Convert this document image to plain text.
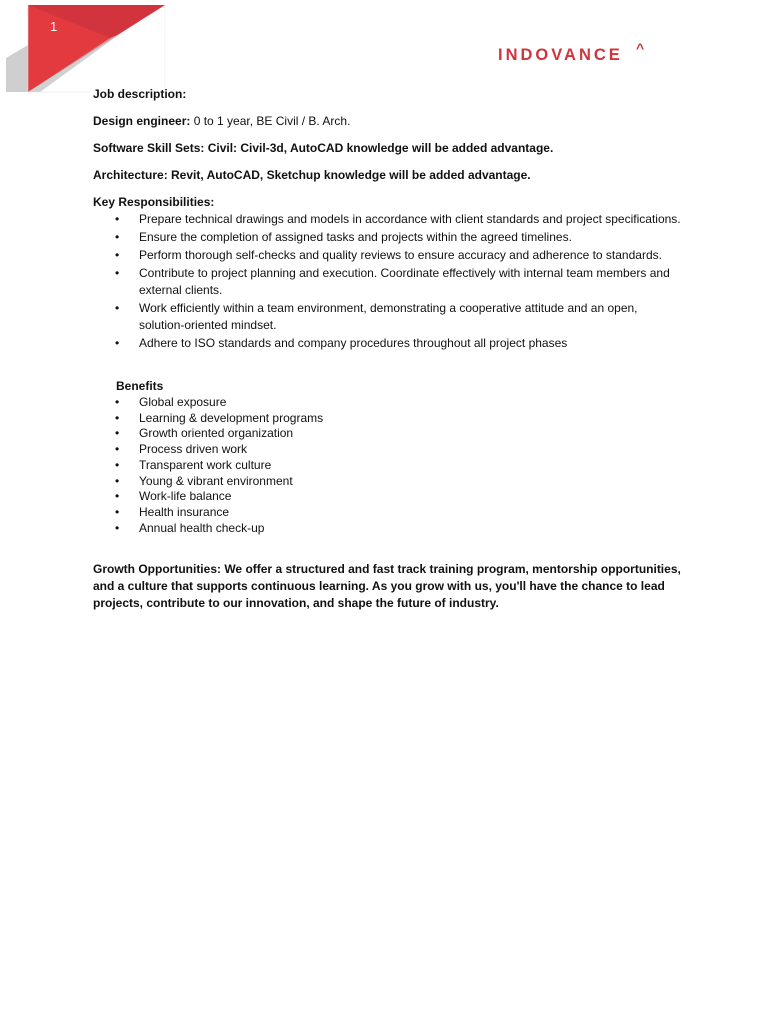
1
INDOVANCE ^

Job description:

Design engineer: 0 to 1 year, BE Civil / B. Arch.

Software Skill Sets: Civil: Civil-3d, AutoCAD knowledge will be added advantage.

Architecture: Revit, AutoCAD, Sketchup knowledge will be added advantage.

Key Responsibilities:

• Prepare technical drawings and models in accordance with client standards and project specifications.
• Ensure the completion of assigned tasks and projects within the agreed timelines.
• Perform thorough self-checks and quality reviews to ensure accuracy and adherence to standards.
• Contribute to project planning and execution. Coordinate effectively with internal team members and external clients.
• Work efficiently within a team environment, demonstrating a cooperative attitude and an open, solution-oriented mindset.
• Adhere to ISO standards and company procedures throughout all project phases

Benefits

• Global exposure
• Learning & development programs
• Growth oriented organization
• Process driven work
• Transparent work culture
• Young & vibrant environment
• Work-life balance
• Health insurance
• Annual health check-up

Growth Opportunities: We offer a structured and fast track training program, mentorship opportunities, and a culture that supports continuous learning. As you grow with us, you'll have the chance to lead projects, contribute to our innovation, and shape the future of industry.
